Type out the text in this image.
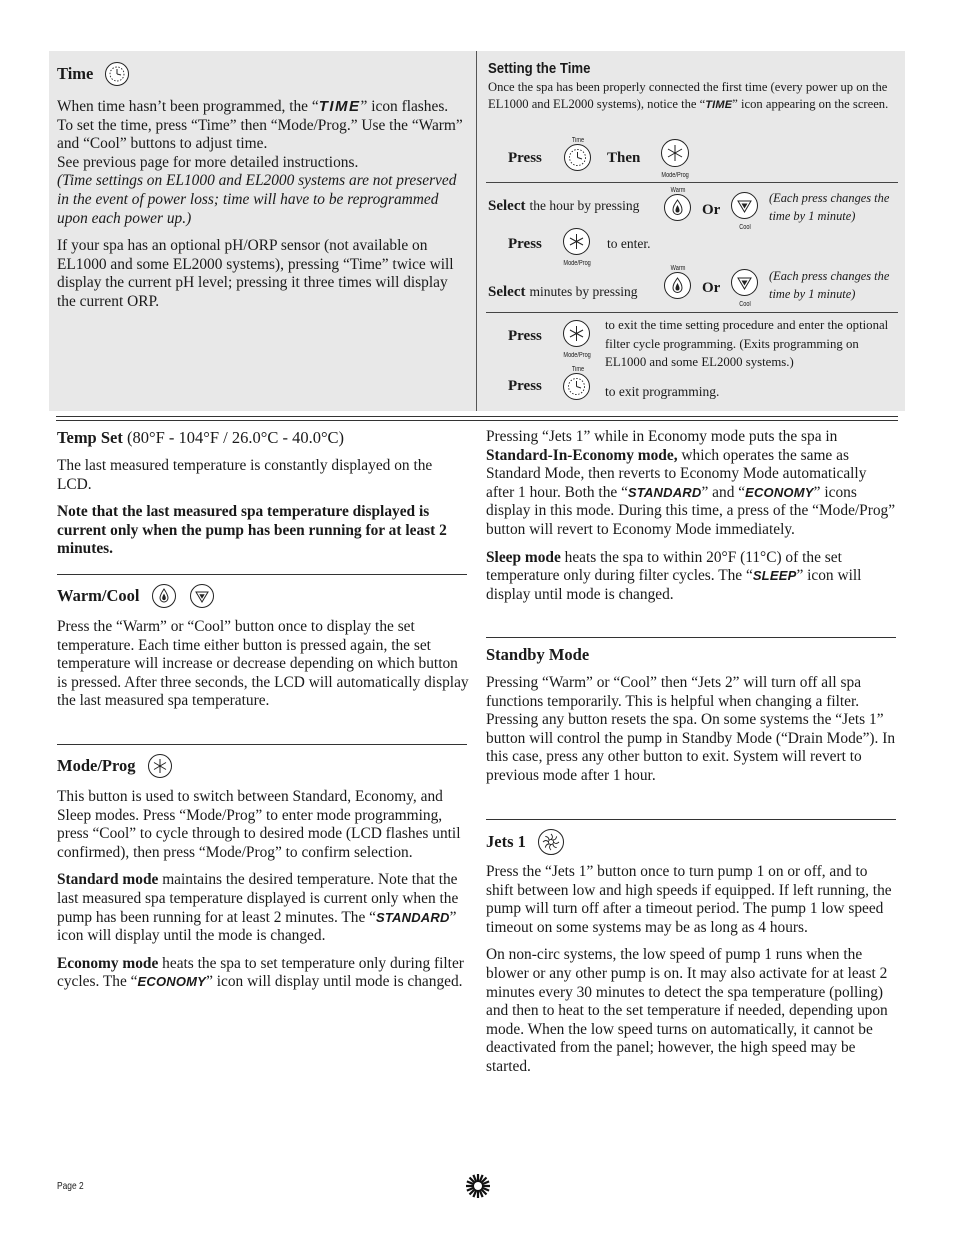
Time

When time hasn’t been programmed, the “TIME” icon flashes. To set the time, press “Time” then “Mode/Prog.” Use the “Warm” and “Cool” buttons to adjust time.
See previous page for more detailed instructions.
(Time settings on EL1000 and EL2000 systems are not preserved in the event of power loss; time will have to be reprogrammed upon each power up.)

If your spa has an optional pH/ORP sensor (not available on EL1000 and some EL2000 systems), pressing “Time” twice will display the current pH level; pressing it three times will display the current ORP.

Setting the Time

Once the spa has been properly connected the first time (every power up on the EL1000 and EL2000 systems), notice the “TIME” icon appearing on the screen.

Press
Time
Then
Mode/Prog
Select the hour by pressing
Warm
Or
Cool
(Each press changes the time by 1 minute)
Press
Mode/Prog
to enter.
Select minutes by pressing
Warm
Or
Cool
(Each press changes the time by 1 minute)
Press
Mode/Prog
to exit the time setting procedure and enter the optional filter cycle programming. (Exits programming on EL1000 and some EL2000 systems.)
Press
Time
to exit programming.
Temp Set (80°F - 104°F / 26.0°C - 40.0°C)

The last measured temperature is constantly displayed on the LCD.

Note that the last measured spa temperature displayed is current only when the pump has been running for at least 2 minutes.

Warm/Cool

Press the “Warm” or “Cool” button once to display the set temperature. Each time either button is pressed again, the set temperature will increase or decrease depending on which button is pressed. After three seconds, the LCD will automatically display the last measured spa temperature.

Mode/Prog

This button is used to switch between Standard, Economy, and Sleep modes. Press “Mode/Prog” to enter mode programming, press “Cool” to cycle through to desired mode (LCD flashes until confirmed), then press “Mode/Prog” to confirm selection.

Standard mode maintains the desired temperature. Note that the last measured spa temperature displayed is current only when the pump has been running for at least 2 minutes. The “STANDARD” icon will display until the mode is changed.

Economy mode heats the spa to set temperature only during filter cycles. The “ECONOMY” icon will display until mode is changed.

Pressing “Jets 1” while in Economy mode puts the spa in Standard-In-Economy mode, which operates the same as Standard Mode, then reverts to Economy Mode automatically after 1 hour. Both the “STANDARD” and “ECONOMY” icons display in this mode. During this time, a press of the “Mode/Prog” button will revert to Economy Mode immediately.

Sleep mode heats the spa to within 20°F (11°C) of the set temperature only during filter cycles. The “SLEEP” icon will display until mode is changed.

Standby Mode

Pressing “Warm” or “Cool” then “Jets 2” will turn off all spa functions temporarily. This is helpful when changing a filter. Pressing any button resets the spa. On some systems the “Jets 1” button will control the pump in Standby Mode (“Drain Mode”). In this case, press any other button to exit. System will revert to previous mode after 1 hour.

Jets 1

Press the “Jets 1” button once to turn pump 1 on or off, and to shift between low and high speeds if equipped. If left running, the pump will turn off after a timeout period. The pump 1 low speed timeout on some systems may be as long as 4 hours.

On non-circ systems, the low speed of pump 1 runs when the blower or any other pump is on. It may also activate for at least 2 minutes every 30 minutes to detect the spa temperature (polling) and then to heat to the set temperature if needed, depending upon mode. When the low speed turns on automatically, it cannot be deactivated from the panel; however, the high speed may be started.

Page 2
